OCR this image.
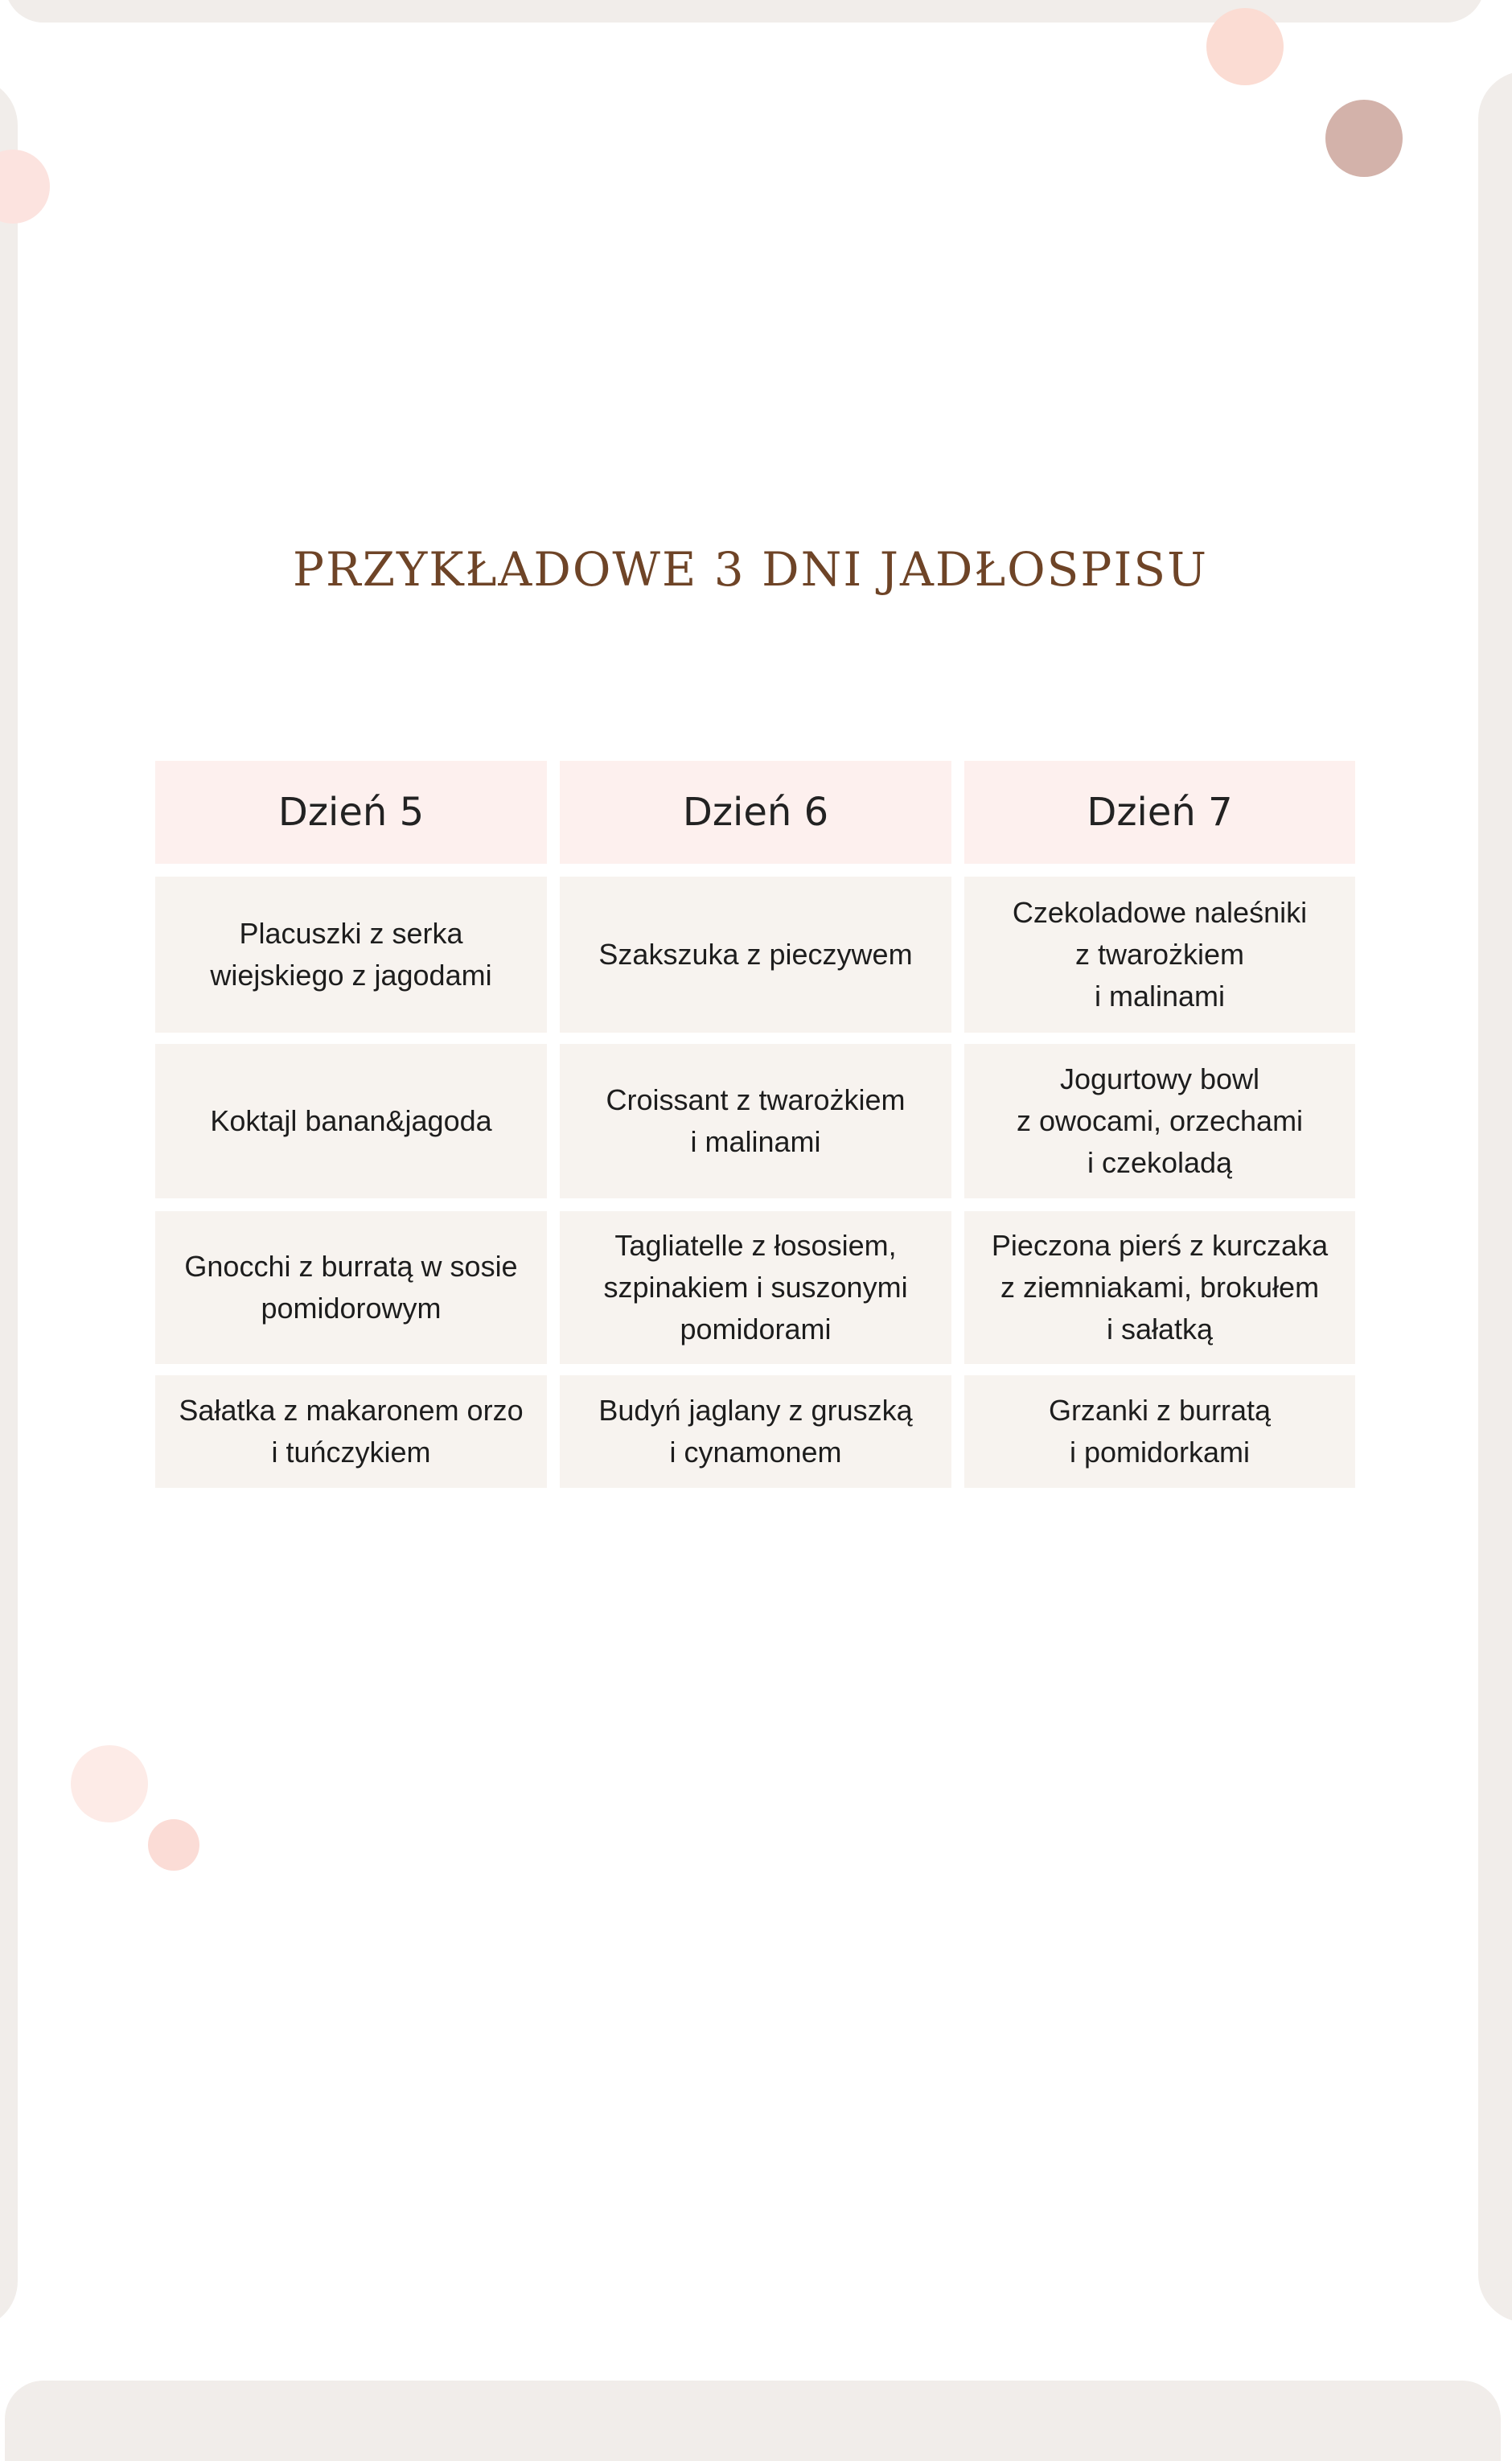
PRZYKŁADOWE 3 DNI JADŁOSPISU
Dzień 5	Dzień 6	Dzień 7
Placuszki z serka
wiejskiego z jagodami
Szakszuka z pieczywem
Czekoladowe naleśniki
z twarożkiem
i malinami
Koktajl banan&jagoda
Croissant z twarożkiem
i malinami
Jogurtowy bowl
z owocami, orzechami
i czekoladą
Gnocchi z burratą w sosie
pomidorowym
Tagliatelle z łososiem,
szpinakiem i suszonymi
pomidorami
Pieczona pierś z kurczaka
z ziemniakami, brokułem
i sałatką
Sałatka z makaronem orzo
i tuńczykiem
Budyń jaglany z gruszką
i cynamonem
Grzanki z burratą
i pomidorkami
